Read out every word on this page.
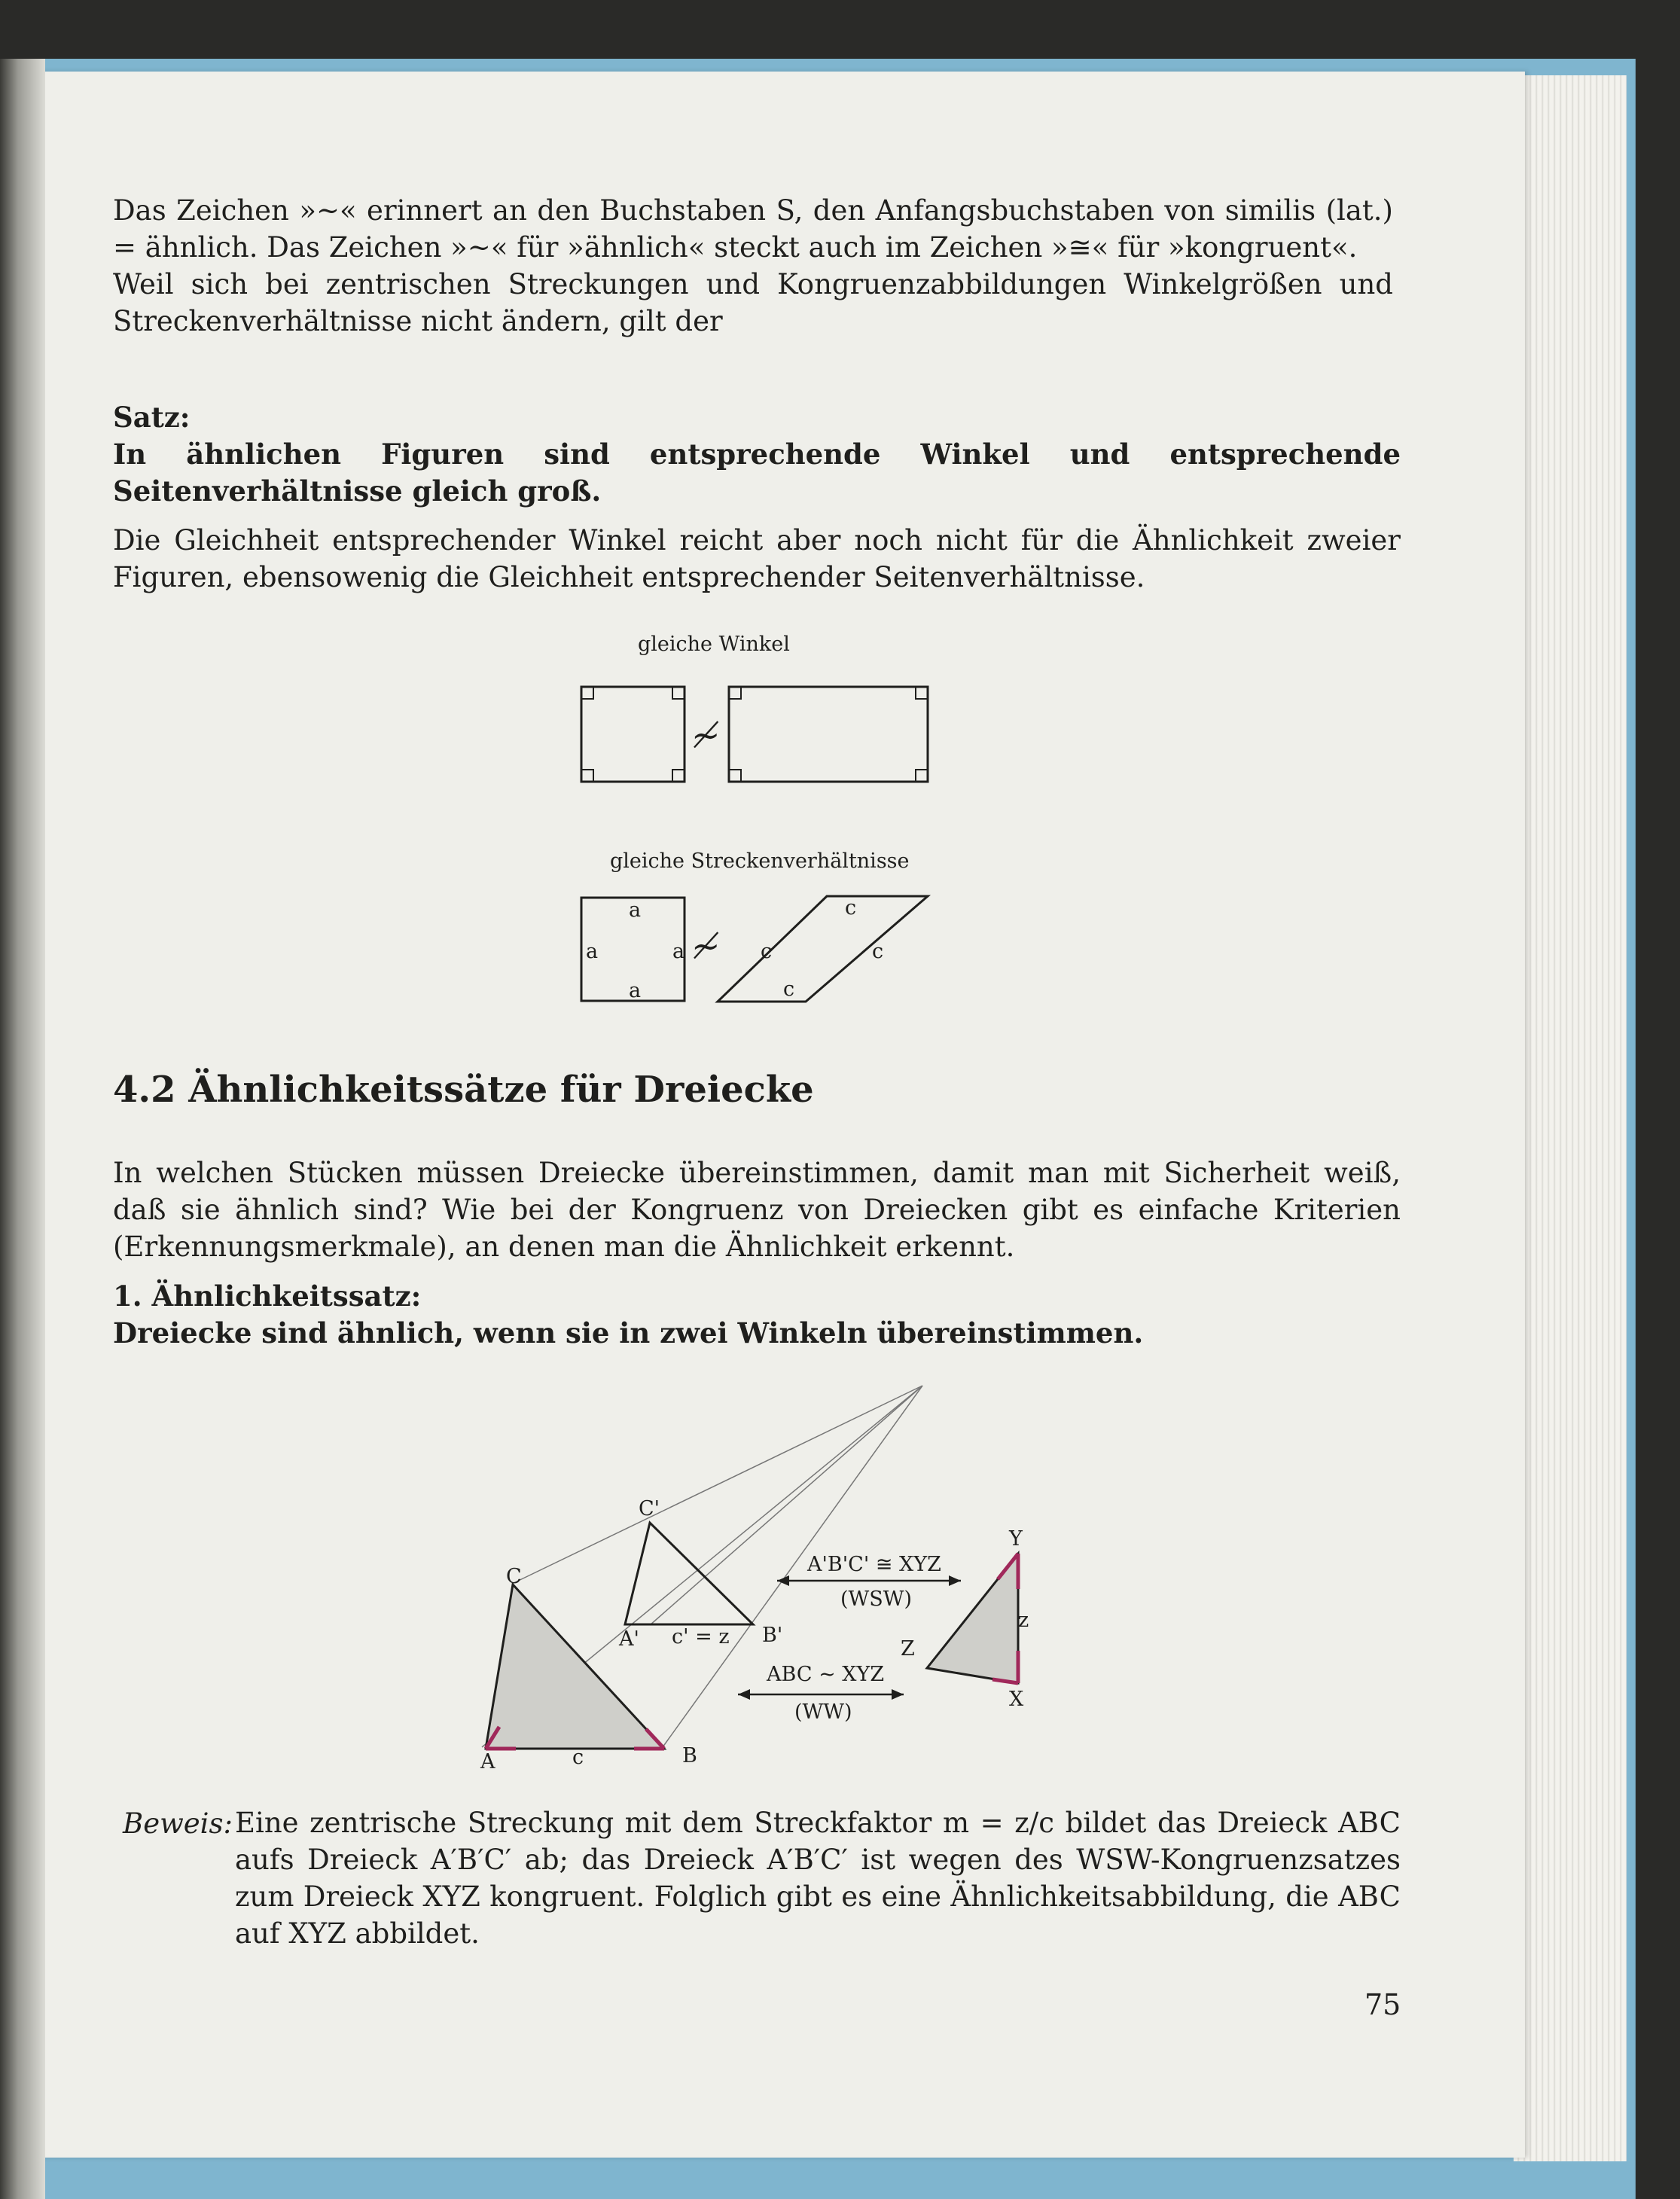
Das Zeichen »~« erinnert an den Buchstaben S, den Anfangsbuchstaben von similis (lat.) = ähnlich. Das Zeichen »~« für »ähnlich« steckt auch im Zeichen »≅« für »kongruent«.

Weil sich bei zentrischen Streckungen und Kongruenzabbildungen Winkelgrößen und Streckenverhältnisse nicht ändern, gilt der

Satz:

In ähnlichen Figuren sind entsprechende Winkel und entsprechende Seitenverhältnisse gleich groß.

Die Gleichheit entsprechender Winkel reicht aber noch nicht für die Ähnlichkeit zweier Figuren, ebensowenig die Gleichheit entsprechender Seitenverhältnisse.

gleiche Winkel
≁
gleiche Streckenverhältnisse
a
a	a
a
≁
c
c	c
c
4.2 Ähnlichkeitssätze für Dreiecke

In welchen Stücken müssen Dreiecke übereinstimmen, damit man mit Sicherheit weiß, daß sie ähnlich sind? Wie bei der Kongruenz von Dreiecken gibt es einfache Kriterien (Erkennungsmerkmale), an denen man die Ähnlichkeit erkennt.

1. Ähnlichkeitssatz:
Dreiecke sind ähnlich, wenn sie in zwei Winkeln übereinstimmen.
A	B
C
c
C'
A'	B'
c' = z
Y
X
Z
z
A'B'C' ≅ XYZ
(WSW)
ABC ~ XYZ
(WW)
Beweis: Eine zentrische Streckung mit dem Streckfaktor m = z/c bildet das Dreieck ABC aufs Dreieck A′B′C′ ab; das Dreieck A′B′C′ ist wegen des WSW-Kongruenzsatzes zum Dreieck XYZ kongruent. Folglich gibt es eine Ähnlichkeitsabbildung, die ABC auf XYZ abbildet.
75
